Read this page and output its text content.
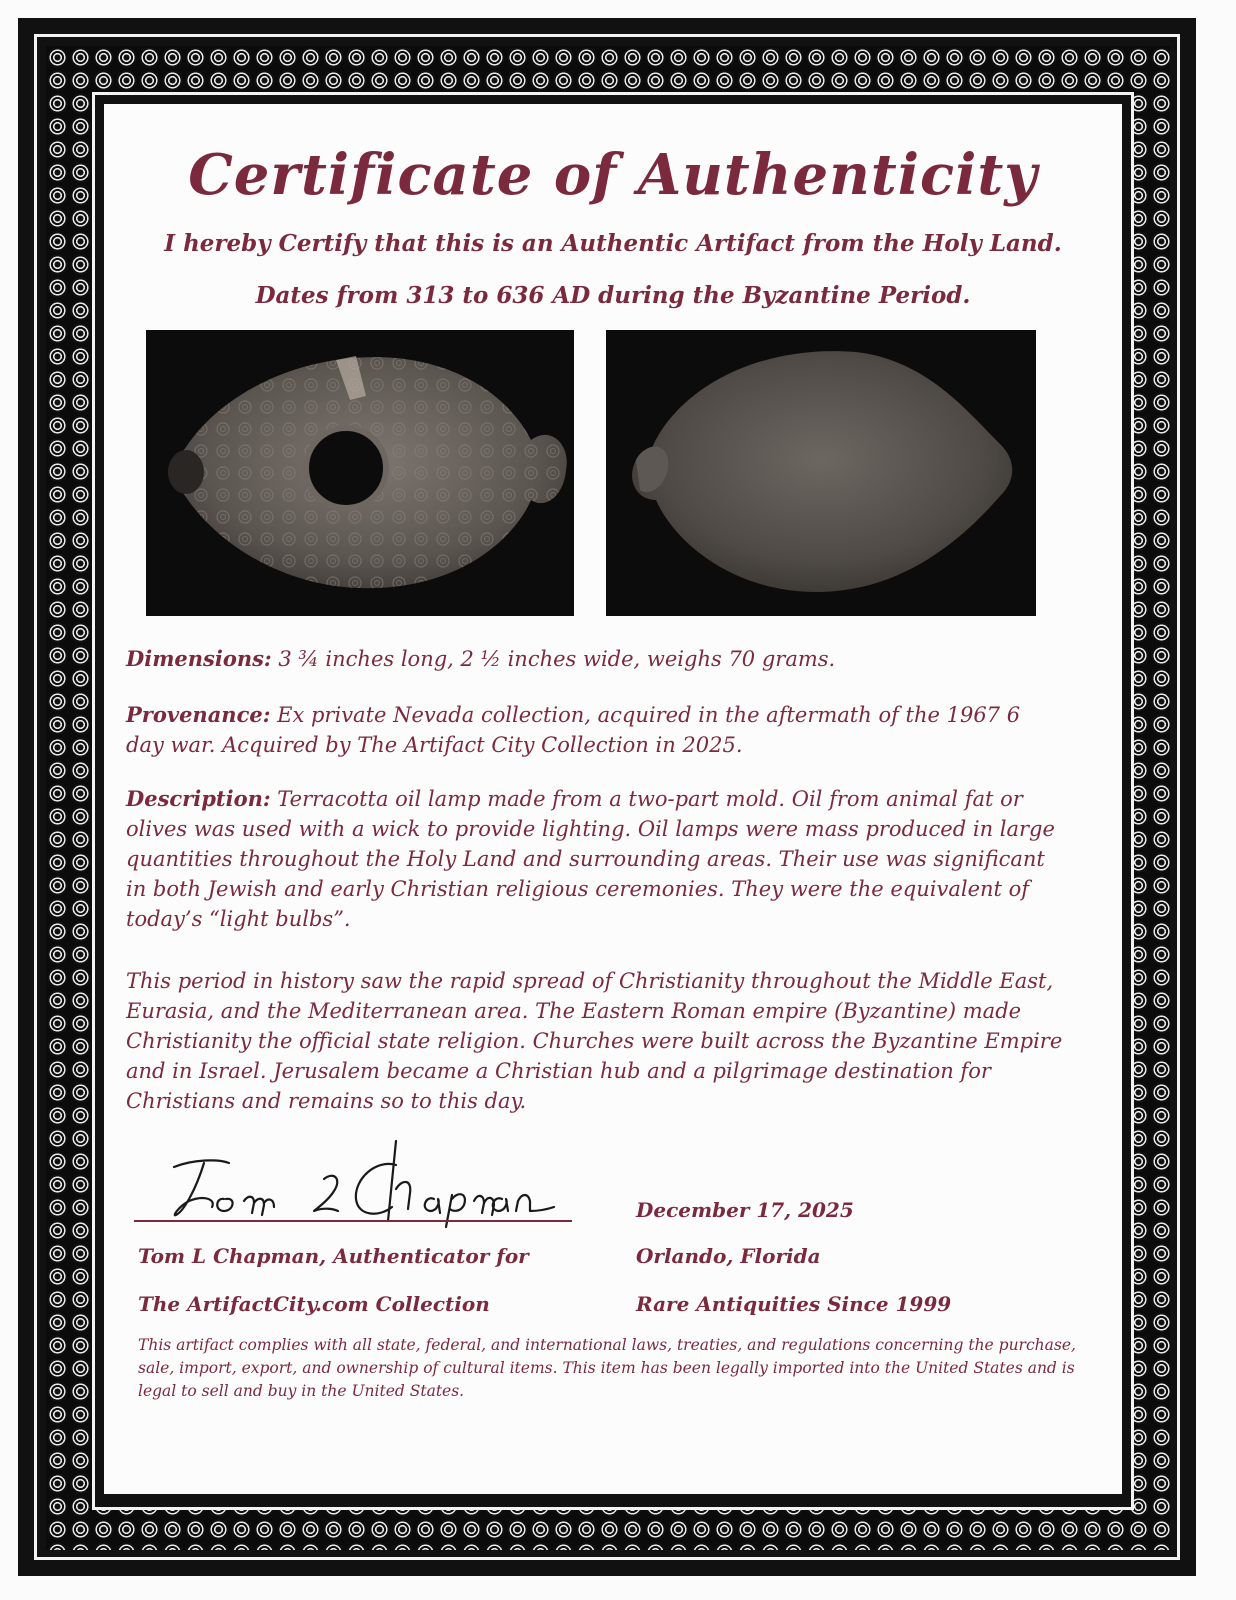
Certificate of Authenticity
I hereby Certify that this is an Authentic Artifact from the Holy Land.
Dates from 313 to 636 AD during the Byzantine Period.
Dimensions: 3 ¾ inches long, 2 ½ inches wide, weighs 70 grams.
Provenance: Ex private Nevada collection, acquired in the aftermath of the 1967 6 day war. Acquired by The Artifact City Collection in 2025.
Description: Terracotta oil lamp made from a two-part mold. Oil from animal fat or olives was used with a wick to provide lighting. Oil lamps were mass produced in large quantities throughout the Holy Land and surrounding areas. Their use was significant in both Jewish and early Christian religious ceremonies. They were the equivalent of today’s “light bulbs”.
This period in history saw the rapid spread of Christianity throughout the Middle East, Eurasia, and the Mediterranean area. The Eastern Roman empire (Byzantine) made Christianity the official state religion. Churches were built across the Byzantine Empire and in Israel. Jerusalem became a Christian hub and a pilgrimage destination for Christians and remains so to this day.
Tom L Chapman, Authenticator for
The ArtifactCity.com Collection
December 17, 2025
Orlando, Florida
Rare Antiquities Since 1999
This artifact complies with all state, federal, and international laws, treaties, and regulations concerning the purchase, sale, import, export, and ownership of cultural items. This item has been legally imported into the United States and is legal to sell and buy in the United States.
